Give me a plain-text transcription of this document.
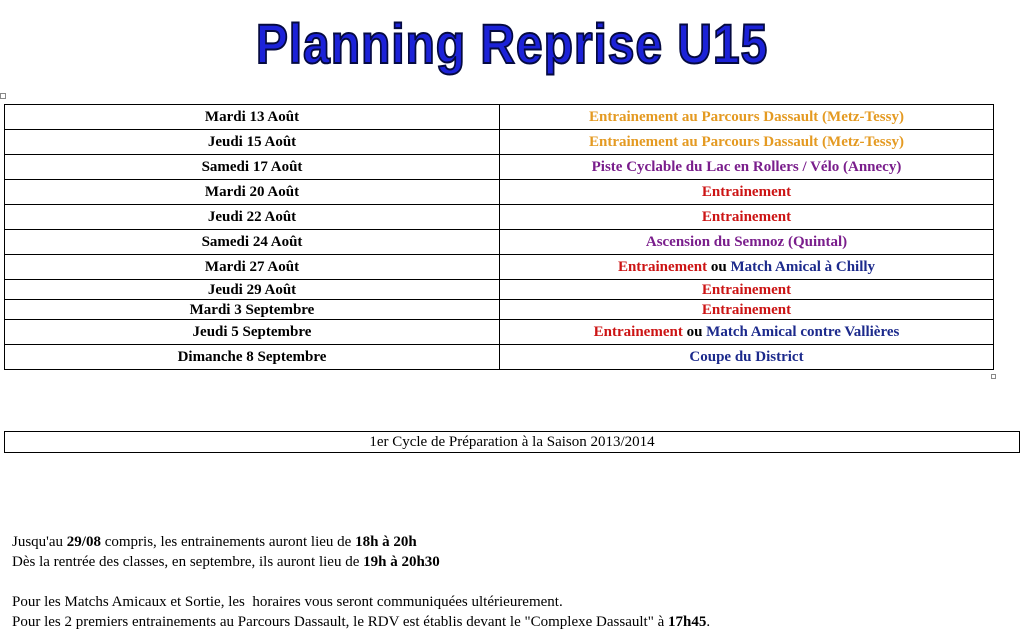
Planning Reprise U15
Mardi 13 Août	Entrainement au Parcours Dassault (Metz-Tessy)
Jeudi 15 Août	Entrainement au Parcours Dassault (Metz-Tessy)
Samedi 17 Août	Piste Cyclable du Lac en Rollers / Vélo (Annecy)
Mardi 20 Août	Entrainement
Jeudi 22 Août	Entrainement
Samedi 24 Août	Ascension du Semnoz (Quintal)
Mardi 27 Août	Entrainement ou Match Amical à Chilly
Jeudi 29 Août	Entrainement
Mardi 3 Septembre	Entrainement
Jeudi 5 Septembre	Entrainement ou Match Amical contre Vallières
Dimanche 8 Septembre	Coupe du District
1er Cycle de Préparation à la Saison 2013/2014

Jusqu'au 29/08 compris, les entrainements auront lieu de 18h à 20h

Dès la rentrée des classes, en septembre, ils auront lieu de 19h à 20h30

Pour les Matchs Amicaux et Sortie, les  horaires vous seront communiquées ultérieurement.

Pour les 2 premiers entrainements au Parcours Dassault, le RDV est établis devant le "Complexe Dassault" à 17h45.
